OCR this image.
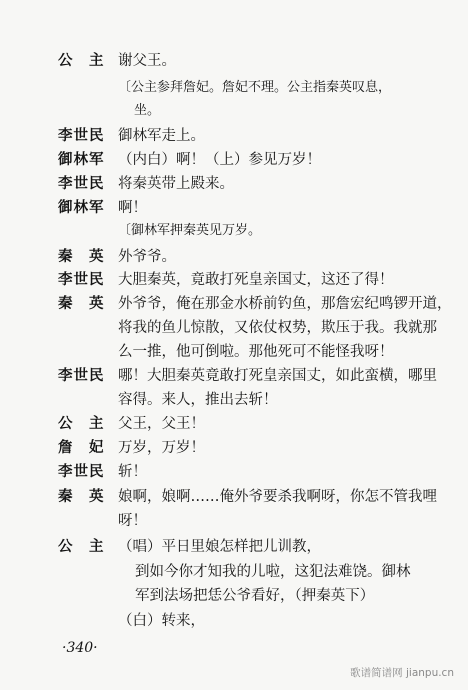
公　主 谢父王。
〔公主参拜詹妃。詹妃不理。公主指秦英叹息，
坐。
李世民 御林军走上。
御林军 （内白）啊！（上）参见万岁！
李世民 将秦英带上殿来。
御林军 啊！
〔御林军押秦英见万岁。
秦　英 外爷爷。
李世民 大胆秦英，竟敢打死皇亲国丈，这还了得！
秦　英 外爷爷，俺在那金水桥前钓鱼，那詹宏纪鸣锣开道，
将我的鱼儿惊散，又依仗权势，欺压于我。我就那
么一推，他可倒啦。那他死可不能怪我呀！
李世民 哪！大胆秦英竟敢打死皇亲国丈，如此蛮横，哪里
容得。来人，推出去斩！
公　主 父王，父王！
詹　妃 万岁，万岁！
李世民 斩！
秦　英 娘啊，娘啊……俺外爷要杀我啊呀，你怎不管我哩
呀！
公　主 （唱）平日里娘怎样把儿训教，
到如今你才知我的儿啦，这犯法难饶。御林
军到法场把恁公爷看好，（押秦英下）
（白）转来，
·340·
歌谱简谱网 jianpu.cn
